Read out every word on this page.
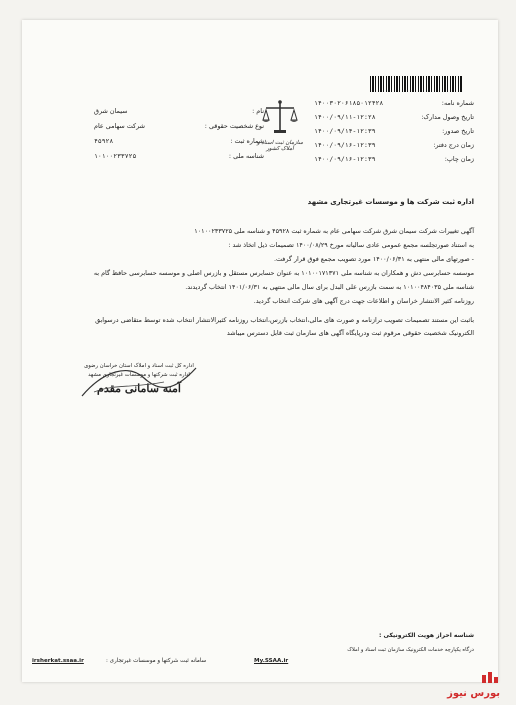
شماره نامه:
۱۴۰۰۳۰۲۰۶۱۸۵۰۱۲۴۲۸
تاریخ وصول مدارک:
۱۴۰۰/۰۹/۱۱-۱۲:۲۸
تاریخ صدور:
۱۴۰۰/۰۹/۱۴-۱۲:۳۹
زمان درج دفتر:
۱۴۰۰/۰۹/۱۶-۱۲:۳۹
زمان چاپ:
۱۴۰۰/۰۹/۱۶-۱۲:۳۹
سازمان ثبت اسناد و املاک کشور
نام :
سیمان شرق
نوع شخصیت حقوقی :
شرکت سهامی عام
شماره ثبت :
۴۵۹۲۸
شناسه ملی :
۱۰۱۰۰۲۳۳۷۲۵
اداره ثبت شرکت ها و موسسات غیرتجاری مشهد

آگهی تغییرات شرکت سیمان شرق شرکت سهامی عام به شماره ثبت ۴۵۹۲۸ و شناسه ملی ۱۰۱۰۰۲۳۳۷۲۵

به استناد صورتجلسه مجمع عمومی عادی سالیانه مورخ ۱۴۰۰/۰۸/۲۹ تصمیمات ذیل اتخاذ شد :

- صورتهای مالی منتهی به ۱۴۰۰/۰۶/۳۱ مورد تصویب مجمع فوق قرار گرفت.

موسسه حسابرسی دش و همکاران به شناسه ملی ۱۰۱۰۰۱۷۱۳۷۱ به عنوان حسابرس مستقل و بازرس اصلی و موسسه حسابرسی حافظ گام به

شناسه ملی ۱۰۱۰۰۴۸۴۰۳۵ به سمت بازرس علی البدل برای سال مالی منتهی به ۱۴۰۱/۰۶/۳۱ انتخاب گردیدند.

روزنامه کثیر الانتشار خراسان و اطلاعات جهت درج آگهی های شرکت انتخاب گردید.

باثبت این مستند تصمیمات تصویب ترازنامه و صورت های مالی،انتخاب بازرس،انتخاب روزنامه کثیرالانتشار انتخاب شده توسط متقاضی درسوابق
الکترونیک شخصیت حقوقی مرقوم ثبت ودرپایگاه آگهی های سازمان ثبت قابل دسترس میباشد
اداره کل ثبت اسناد و املاک استان خراسان رضوی
اداره ثبت شرکتها و موسسات غیرتجاری مشهد
آمنه سامانی مقدم
شناسه احراز هویت الکترونیکی :
درگاه یکپارچه خدمات الکترونیک سازمان ثبت اسناد و املاک
irsherkat.ssaa.ir	سامانه ثبت شرکتها و موسسات غیرتجاری :	My.SSAA.ir
بورس نیوز
